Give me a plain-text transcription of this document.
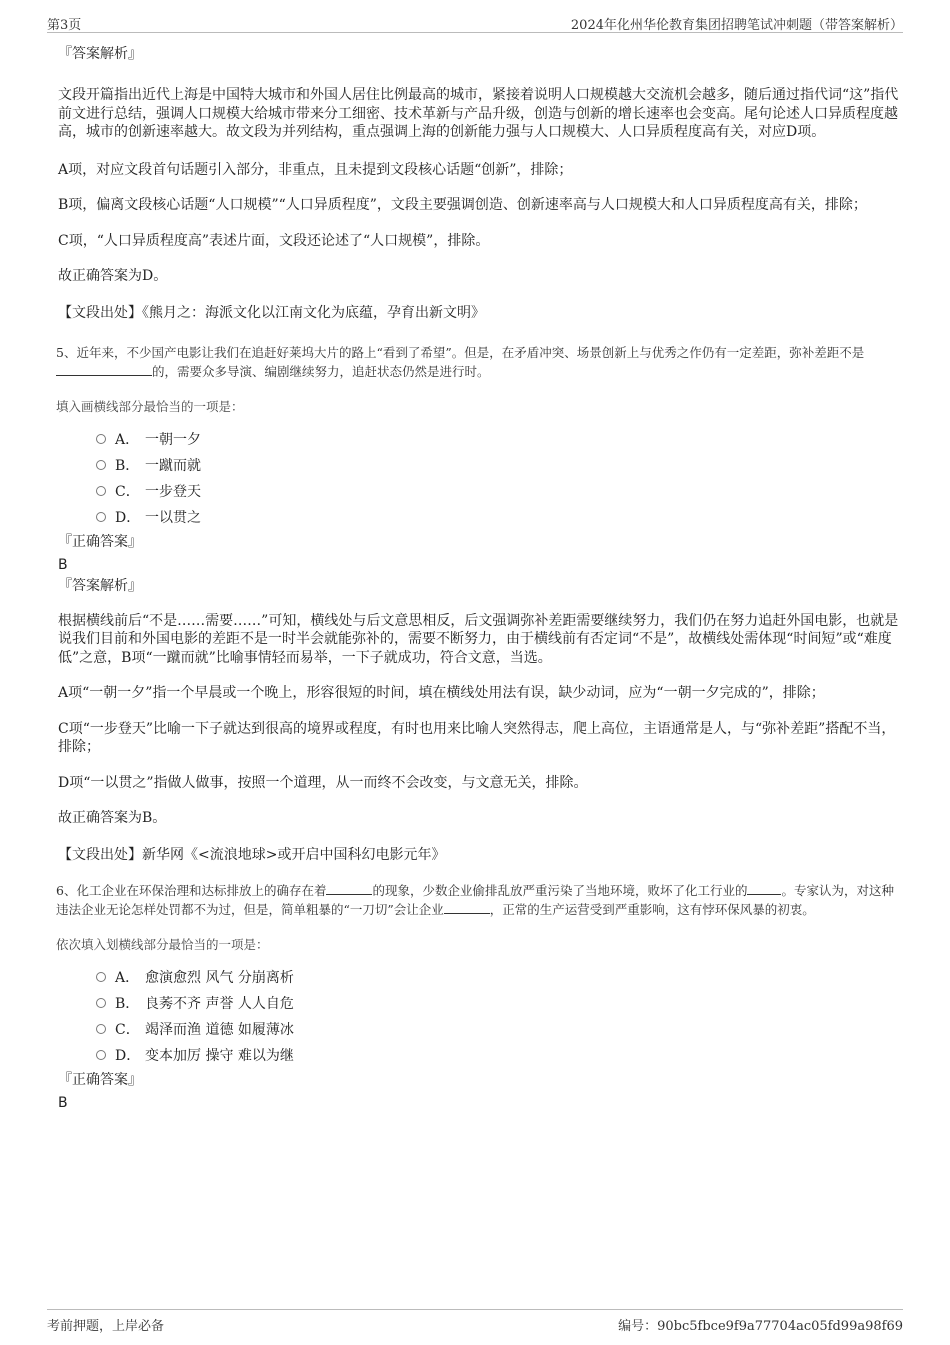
第3页	2024年化州华伦教育集团招聘笔试冲刺题（带答案解析）
『答案解析』

文段开篇指出近代上海是中国特大城市和外国人居住比例最高的城市，紧接着说明人口规模越大交流机会越多，随后通过指代词“这”指代前文进行总结，强调人口规模大给城市带来分工细密、技术革新与产品升级，创造与创新的增长速率也会变高。尾句论述人口异质程度越高，城市的创新速率越大。故文段为并列结构，重点强调上海的创新能力强与人口规模大、人口异质程度高有关，对应D项。

A项，对应文段首句话题引入部分，非重点，且未提到文段核心话题“创新”，排除；

B项，偏离文段核心话题“人口规模”“人口异质程度”，文段主要强调创造、创新速率高与人口规模大和人口异质程度高有关，排除；

C项，“人口异质程度高”表述片面，文段还论述了“人口规模”，排除。

故正确答案为D。

【文段出处】《熊月之：海派文化以江南文化为底蕴，孕育出新文明》
5、近年来，不少国产电影让我们在追赶好莱坞大片的路上“看到了希望”。但是，在矛盾冲突、场景创新上与优秀之作仍有一定差距，弥补差距不是的，需要众多导演、编剧继续努力，追赶状态仍然是进行时。
填入画横线部分最恰当的一项是：
A． 一朝一夕
B． 一蹴而就
C． 一步登天
D． 一以贯之
『正确答案』
B
『答案解析』

根据横线前后“不是……需要……”可知，横线处与后文意思相反，后文强调弥补差距需要继续努力，我们仍在努力追赶外国电影，也就是说我们目前和外国电影的差距不是一时半会就能弥补的，需要不断努力，由于横线前有否定词“不是”，故横线处需体现“时间短”或“难度低”之意，B项“一蹴而就”比喻事情轻而易举，一下子就成功，符合文意，当选。

A项“一朝一夕”指一个早晨或一个晚上，形容很短的时间，填在横线处用法有误，缺少动词，应为“一朝一夕完成的”，排除；

C项“一步登天”比喻一下子就达到很高的境界或程度，有时也用来比喻人突然得志，爬上高位，主语通常是人，与“弥补差距”搭配不当，排除；

D项“一以贯之”指做人做事，按照一个道理，从一而终不会改变，与文意无关，排除。

故正确答案为B。

【文段出处】新华网《<流浪地球>或开启中国科幻电影元年》
6、化工企业在环保治理和达标排放上的确存在着	的现象，少数企业偷排乱放严重污染了当地环境，败坏了化工行业的	。专家认为，对这种违法企业无论怎样处罚都不为过，但是，简单粗暴的“一刀切”会让企业	，正常的生产运营受到严重影响，这有悖环保风暴的初衷。
依次填入划横线部分最恰当的一项是：
A． 愈演愈烈 风气 分崩离析
B． 良莠不齐 声誉 人人自危
C． 竭泽而渔 道德 如履薄冰
D． 变本加厉 操守 难以为继
『正确答案』
B
考前押题，上岸必备	编号：90bc5fbce9f9a77704ac05fd99a98f69
